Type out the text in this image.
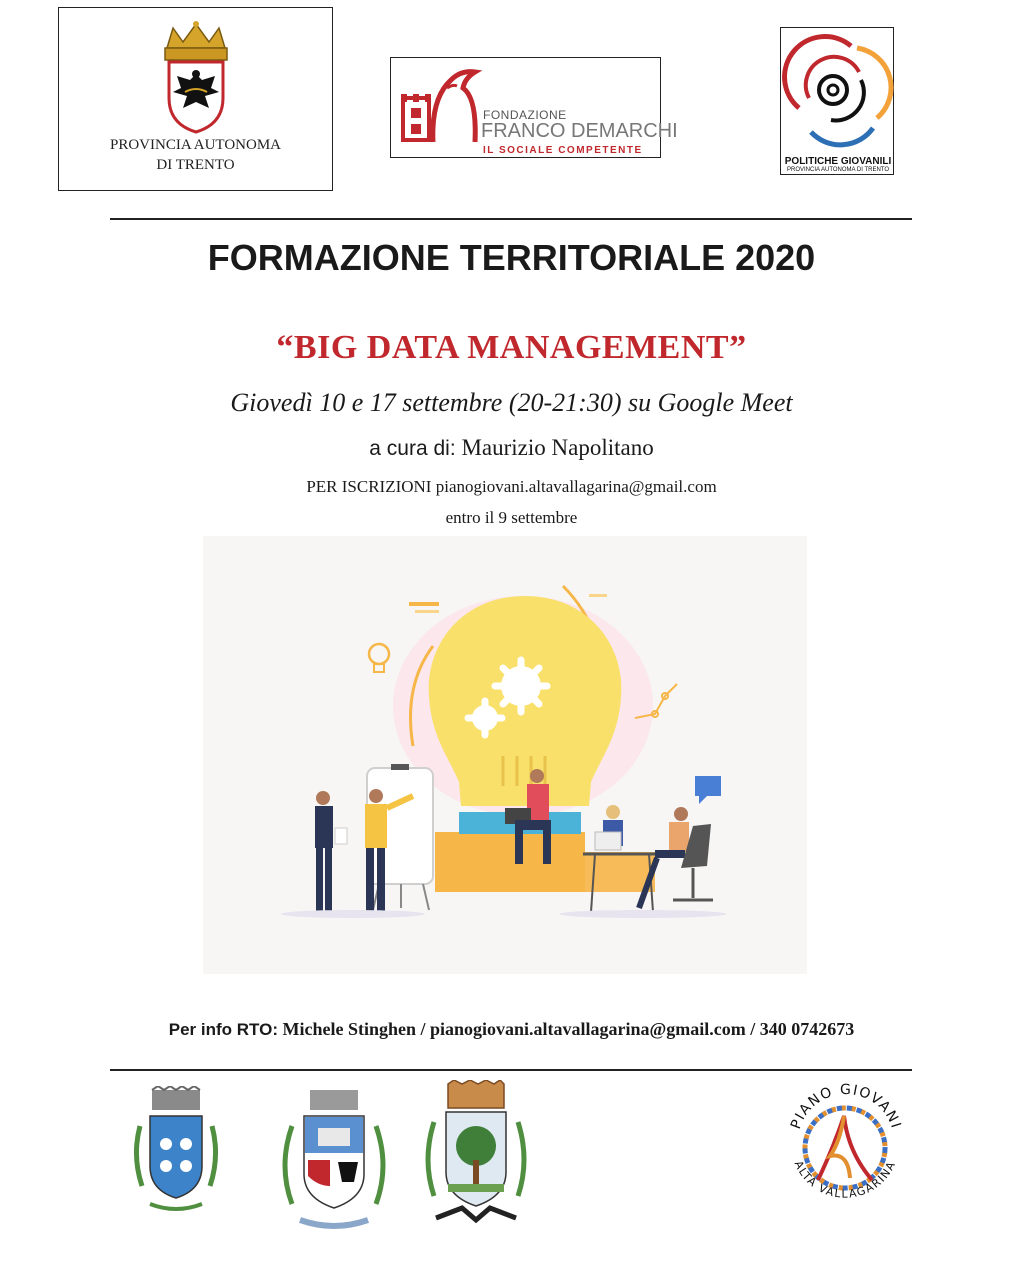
PROVINCIA AUTONOMA
DI TRENTO
FONDAZIONE
FRANCO DEMARCHI
IL SOCIALE COMPETENTE
POLITICHE GIOVANILI
PROVINCIA AUTONOMA DI TRENTO
FORMAZIONE TERRITORIALE 2020
“BIG DATA MANAGEMENT”
Giovedì 10 e 17 settembre (20-21:30) su Google Meet
a cura di: Maurizio Napolitano
PER ISCRIZIONI pianogiovani.altavallagarina@gmail.com
entro il 9 settembre
Per info RTO: Michele Stinghen / pianogiovani.altavallagarina@gmail.com / 340 0742673
PIANO GIOVANI
ALTA VALLAGARINA
